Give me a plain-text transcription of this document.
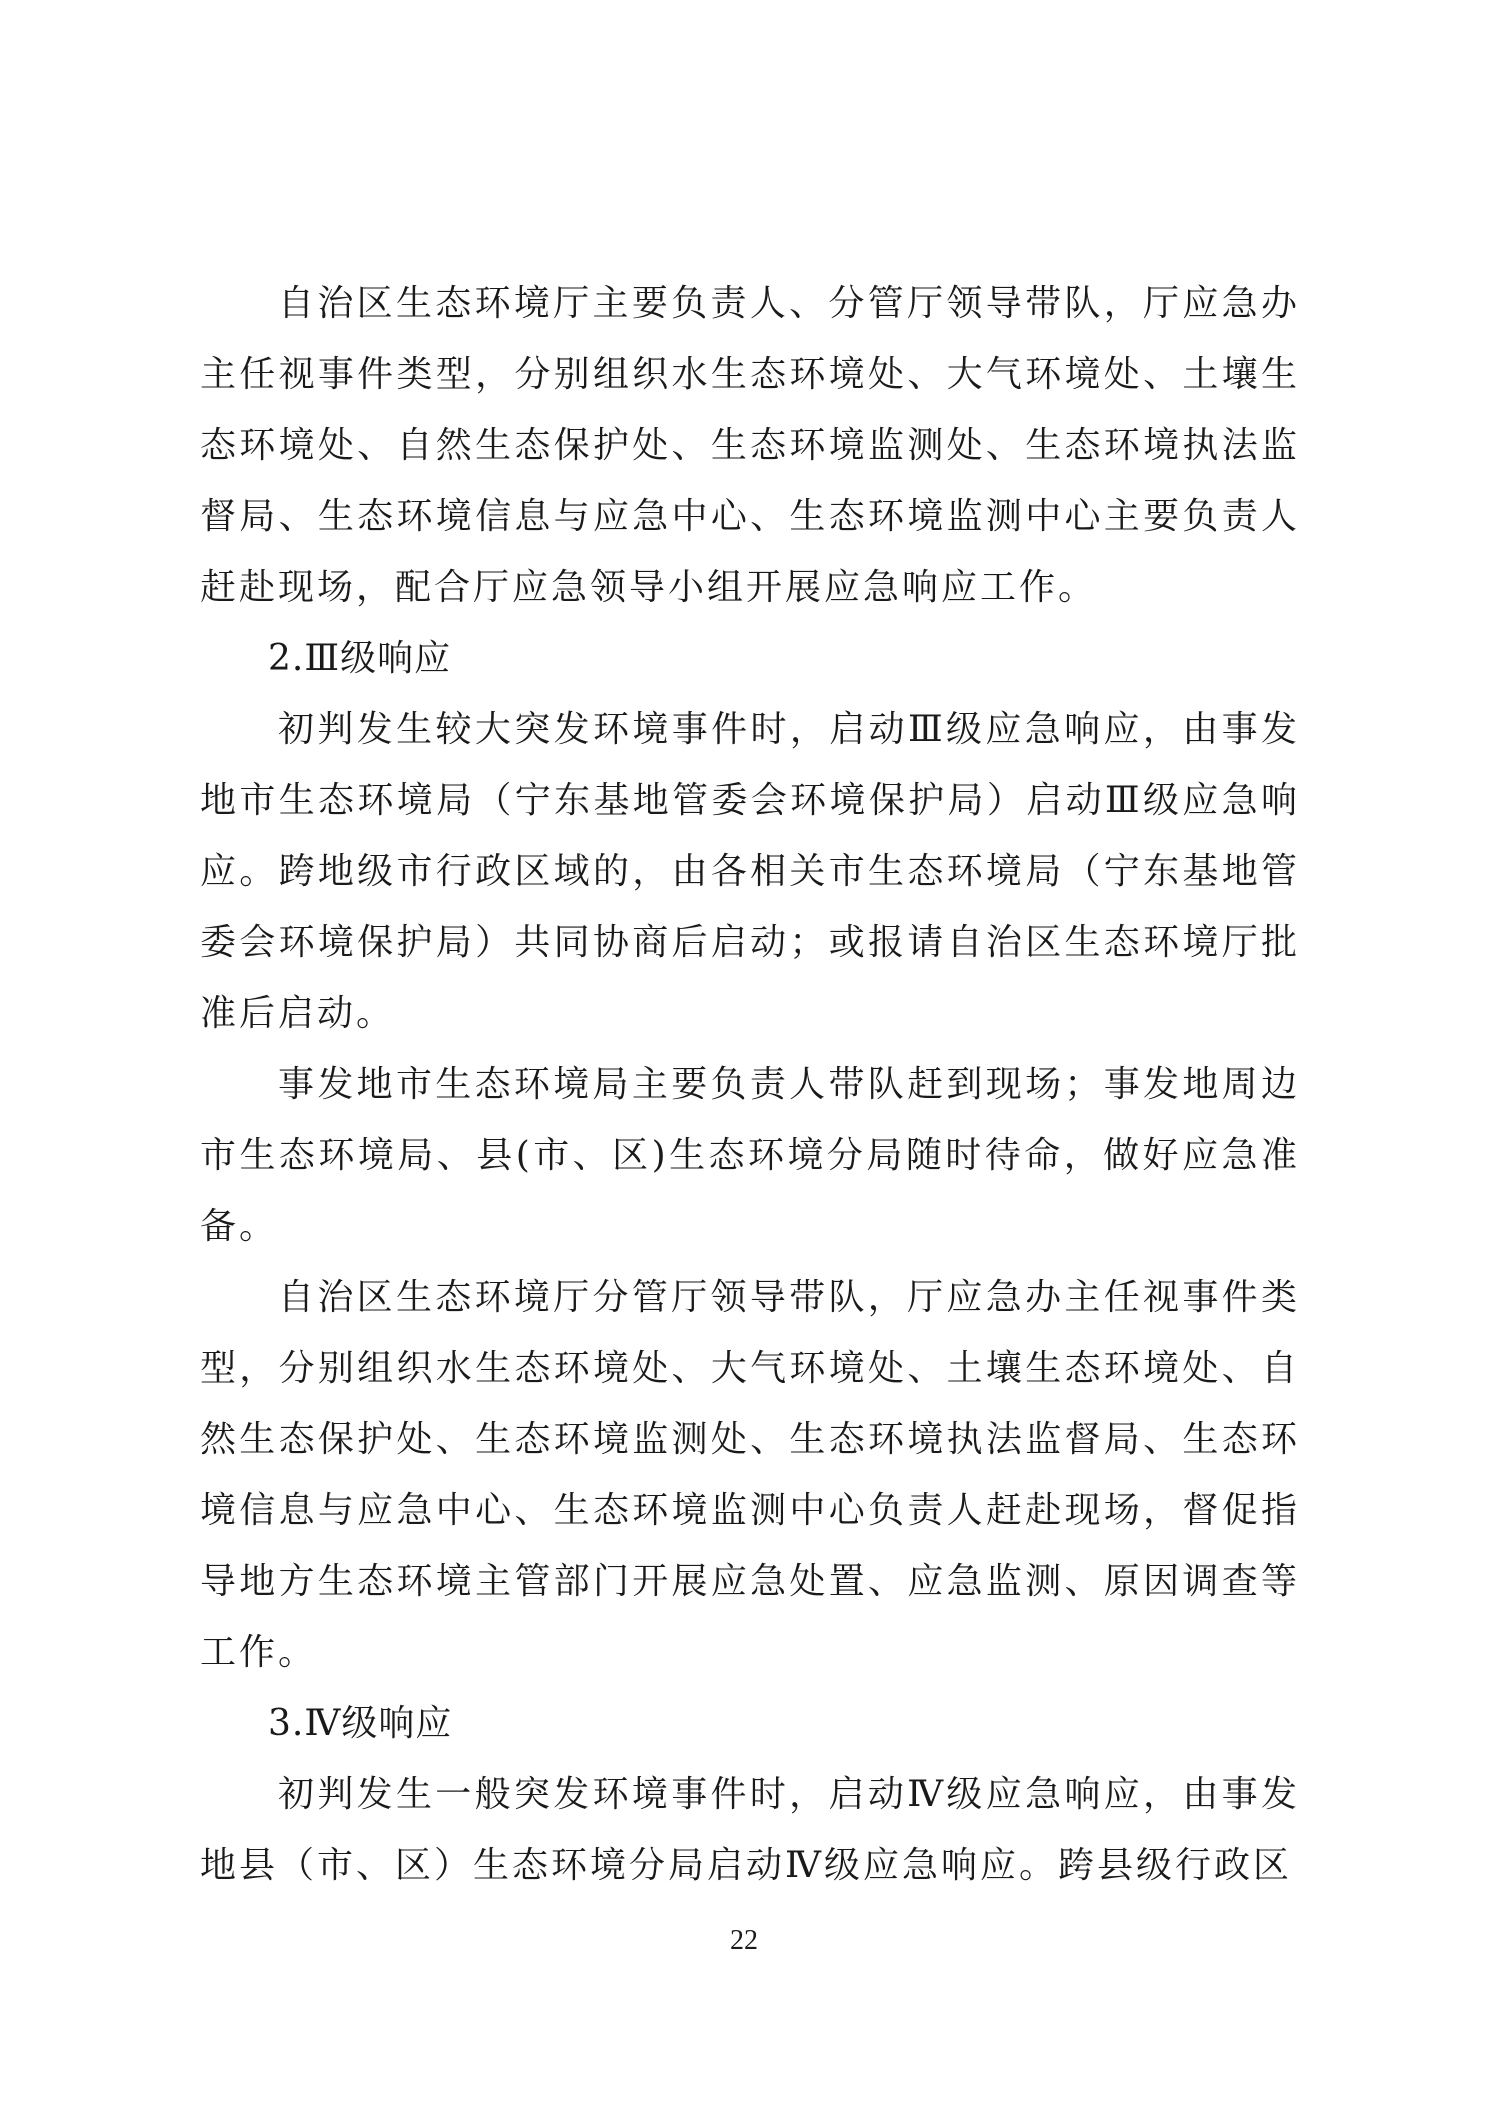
自治区生态环境厅主要负责人、分管厅领导带队，厅应急办主任视事件类型，分别组织水生态环境处、大气环境处、土壤生态环境处、自然生态保护处、生态环境监测处、生态环境执法监督局、生态环境信息与应急中心、生态环境监测中心主要负责人赶赴现场，配合厅应急领导小组开展应急响应工作。

2.Ⅲ级响应

初判发生较大突发环境事件时，启动Ⅲ级应急响应，由事发地市生态环境局（宁东基地管委会环境保护局）启动Ⅲ级应急响应。跨地级市行政区域的，由各相关市生态环境局（宁东基地管委会环境保护局）共同协商后启动；或报请自治区生态环境厅批准后启动。

事发地市生态环境局主要负责人带队赶到现场；事发地周边市生态环境局、县(市、区)生态环境分局随时待命，做好应急准备。

自治区生态环境厅分管厅领导带队，厅应急办主任视事件类型，分别组织水生态环境处、大气环境处、土壤生态环境处、自然生态保护处、生态环境监测处、生态环境执法监督局、生态环境信息与应急中心、生态环境监测中心负责人赶赴现场，督促指导地方生态环境主管部门开展应急处置、应急监测、原因调查等工作。

3.Ⅳ级响应

初判发生一般突发环境事件时，启动Ⅳ级应急响应，由事发地县（市、区）生态环境分局启动Ⅳ级应急响应。跨县级行政区

22
